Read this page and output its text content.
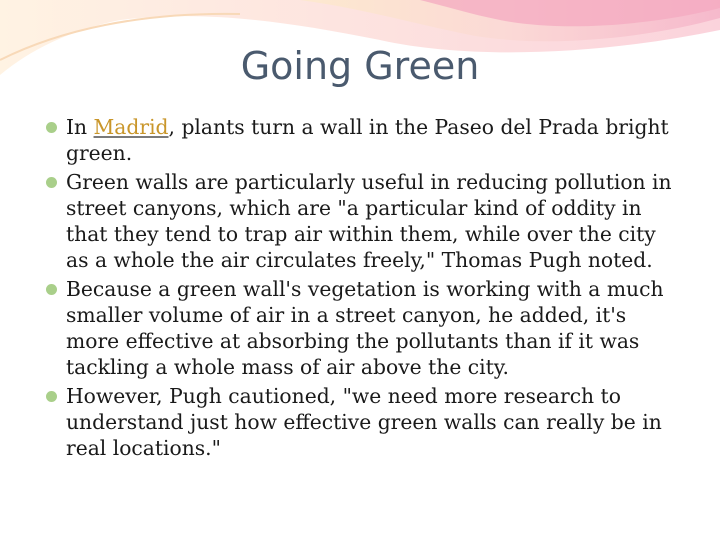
Going Green
In Madrid, plants turn a wall in the Paseo del Prada bright green.
Green walls are particularly useful in reducing pollution in street canyons, which are "a particular kind of oddity in that they tend to trap air within them, while over the city as a whole the air circulates freely," Thomas Pugh noted.
Because a green wall's vegetation is working with a much smaller volume of air in a street canyon, he added, it's more effective at absorbing the pollutants than if it was tackling a whole mass of air above the city.
However, Pugh cautioned, "we need more research to understand just how effective green walls can really be in real locations."
